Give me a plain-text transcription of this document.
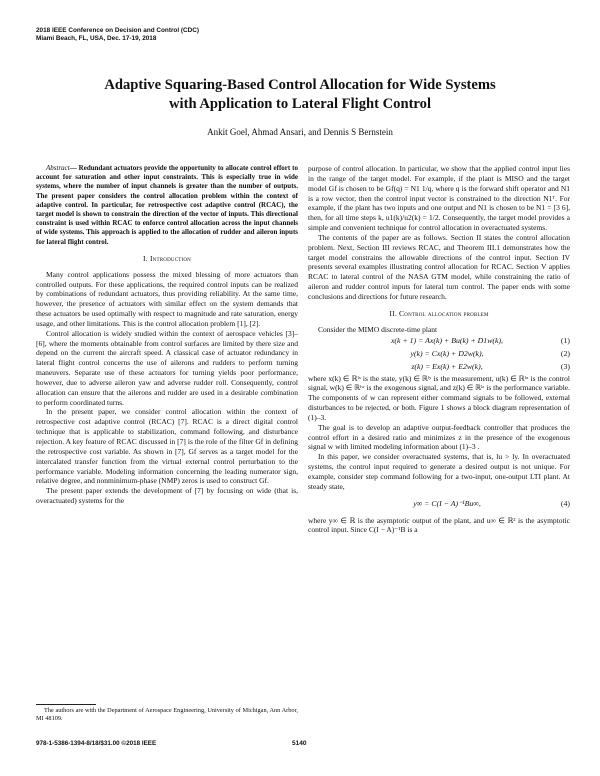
2018 IEEE Conference on Decision and Control (CDC)
Miami Beach, FL, USA, Dec. 17-19, 2018
Adaptive Squaring-Based Control Allocation for Wide Systems
with Application to Lateral Flight Control
Ankit Goel, Ahmad Ansari, and Dennis S Bernstein

Abstract— Redundant actuators provide the opportunity to allocate control effort to account for saturation and other input constraints. This is especially true in wide systems, where the number of input channels is greater than the number of outputs. The present paper considers the control allocation problem within the context of adaptive control. In particular, for retrospective cost adaptive control (RCAC), the target model is shown to constrain the direction of the vector of inputs. This directional constraint is used within RCAC to enforce control allocation across the input channels of wide systems. This approach is applied to the allocation of rudder and aileron inputs for lateral flight control.

I. Introduction

Many control applications possess the mixed blessing of more actuators than controlled outputs. For these applications, the required control inputs can be realized by combinations of redundant actuators, thus providing reliability. At the same time, however, the presence of actuators with similar effect on the system demands that these actuators be used optimally with respect to magnitude and rate saturation, energy usage, and other limitations. This is the control allocation problem [1], [2].

Control allocation is widely studied within the context of aerospace vehicles [3]–[6], where the moments obtainable from control surfaces are limited by there size and depend on the current the aircraft speed. A classical case of actuator redundancy in lateral flight control concerns the use of ailerons and rudders to perform turning maneuvers. Separate use of these actuators for turning yields poor performance, however, due to adverse aileron yaw and adverse rudder roll. Consequently, control allocation can ensure that the ailerons and rudder are used in a desirable combination to perform coordinated turns.

In the present paper, we consider control allocation within the context of retrospective cost adaptive control (RCAC) [7]. RCAC is a direct digital control technique that is applicable to stabilization, command following, and disturbance rejection. A key feature of RCAC discussed in [7] is the role of the filter Gf in defining the retrospective cost variable. As shown in [7], Gf serves as a target model for the intercalated transfer function from the virtual external control perturbation to the performance variable. Modeling information concerning the leading numerator sign, relative degree, and nonminimum-phase (NMP) zeros is used to construct Gf.

The present paper extends the development of [7] by focusing on wide (that is, overactuated) systems for the

purpose of control allocation. In particular, we show that the applied control input lies in the range of the target model. For example, if the plant is MISO and the target model Gf is chosen to be Gf(q) = N1 1/q, where q is the forward shift operator and N1 is a row vector, then the control input vector is constrained to the direction N1ᵀ. For example, if the plant has two inputs and one output and N1 is chosen to be N1 = [3 6], then, for all time steps k, u1(k)/u2(k) = 1/2. Consequently, the target model provides a simple and convenient technique for control allocation in overactuated systems.

The contents of the paper are as follows. Section II states the control allocation problem. Next, Section III reviews RCAC, and Theorem III.1 demonstrates how the target model constrains the allowable directions of the control input. Section IV presents several examples illustrating control allocation for RCAC. Section V applies RCAC to lateral control of the NASA GTM model, while constraining the ratio of aileron and rudder control inputs for lateral turn control. The paper ends with some conclusions and directions for future research.

II. Control allocation problem

Consider the MIMO discrete-time plant

x(k + 1) = Ax(k) + Bu(k) + D1w(k),	(1)
y(k) = Cx(k) + D2w(k),	(2)
z(k) = Ex(k) + E2w(k),	(3)

where x(k) ∈ ℝˡˣ is the state, y(k) ∈ ℝˡʸ is the measurement, u(k) ∈ ℝˡᵘ is the control signal, w(k) ∈ ℝˡʷ is the exogenous signal, and z(k) ∈ ℝˡᶻ is the performance variable. The components of w can represent either command signals to be followed, external disturbances to be rejected, or both. Figure 1 shows a block diagram representation of (1)–3.

The goal is to develop an adaptive output-feedback controller that produces the control effort in a desired ratio and minimizes z in the presence of the exogenous signal w with limited modeling information about (1)–3 .

In this paper, we consider overactuated systems, that is, lu > ly. In overactuated systems, the control input required to generate a desired output is not unique. For example, consider step command following for a two-input, one-output LTI plant. At steady state,

y∞ = C(I − A)⁻¹Bu∞,	(4)

where y∞ ∈ ℝ is the asymptotic output of the plant, and u∞ ∈ ℝ² is the asymptotic control input. Since C(I − A)⁻¹B is a

The authors are with the Department of Aerospace Engineering, University of Michigan, Ann Arbor, MI 48109.
978-1-5386-1394-8/18/$31.00 ©2018 IEEE	5140
